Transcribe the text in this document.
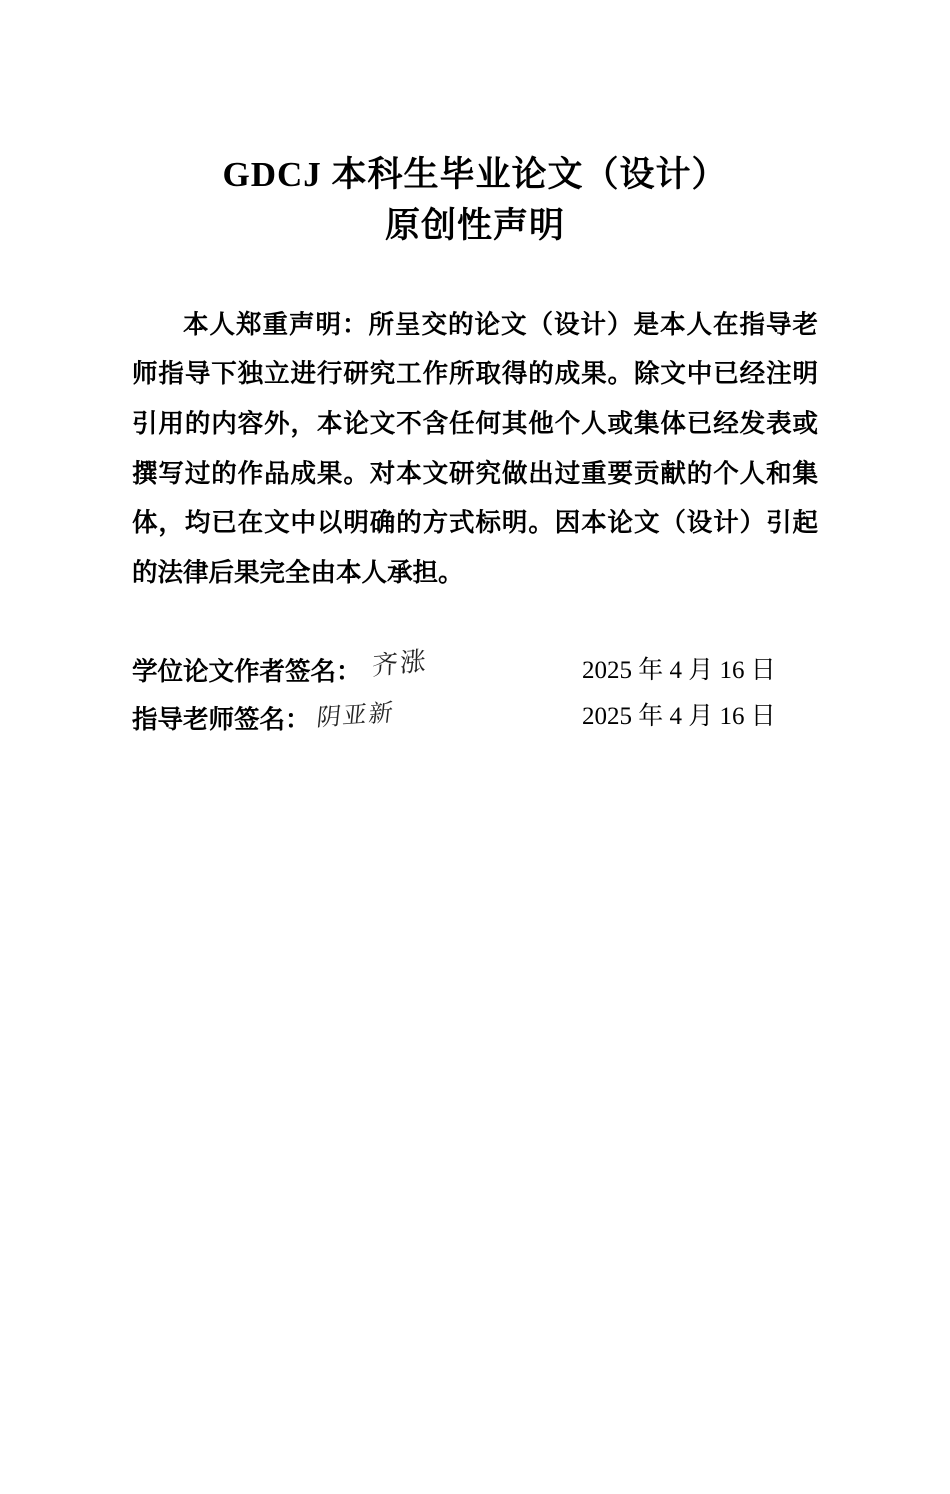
GDCJ 本科生毕业论文（设计）
原创性声明

本人郑重声明：所呈交的论文（设计）是本人在指导老师指导下独立进行研究工作所取得的成果。除文中已经注明引用的内容外，本论文不含任何其他个人或集体已经发表或撰写过的作品成果。对本文研究做出过重要贡献的个人和集体，均已在文中以明确的方式标明。因本论文（设计）引起的法律后果完全由本人承担。

学位论文作者签名： 齐涨	2025 年 4 月 16 日
指导老师签名： 阴亚新	2025 年 4 月 16 日
